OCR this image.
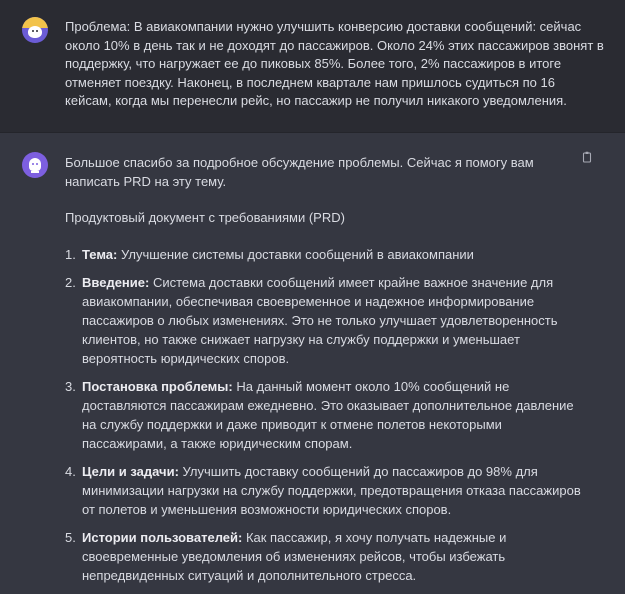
Проблема: В авиакомпании нужно улучшить конверсию доставки сообщений: сейчас около 10% в день так и не доходят до пассажиров. Около 24% этих пассажиров звонят в поддержку, что нагружает ее до пиковых 85%. Более того, 2% пассажиров в итоге отменяет поездку. Наконец, в последнем квартале нам пришлось судиться по 16 кейсам, когда мы перенесли рейс, но пассажир не получил никакого уведомления.

Большое спасибо за подробное обсуждение проблемы. Сейчас я помогу вам написать PRD на эту тему.

Продуктовый документ с требованиями (PRD)

1. Тема: Улучшение системы доставки сообщений в авиакомпании
2. Введение: Система доставки сообщений имеет крайне важное значение для авиакомпании, обеспечивая своевременное и надежное информирование пассажиров о любых изменениях. Это не только улучшает удовлетворенность клиентов, но также снижает нагрузку на службу поддержки и уменьшает вероятность юридических споров.
3. Постановка проблемы: На данный момент около 10% сообщений не доставляются пассажирам ежедневно. Это оказывает дополнительное давление на службу поддержки и даже приводит к отмене полетов некоторыми пассажирами, а также юридическим спорам.
4. Цели и задачи: Улучшить доставку сообщений до пассажиров до 98% для минимизации нагрузки на службу поддержки, предотвращения отказа пассажиров от полетов и уменьшения возможности юридических споров.
5. Истории пользователей: Как пассажир, я хочу получать надежные и своевременные уведомления об изменениях рейсов, чтобы избежать непредвиденных ситуаций и дополнительного стресса.
